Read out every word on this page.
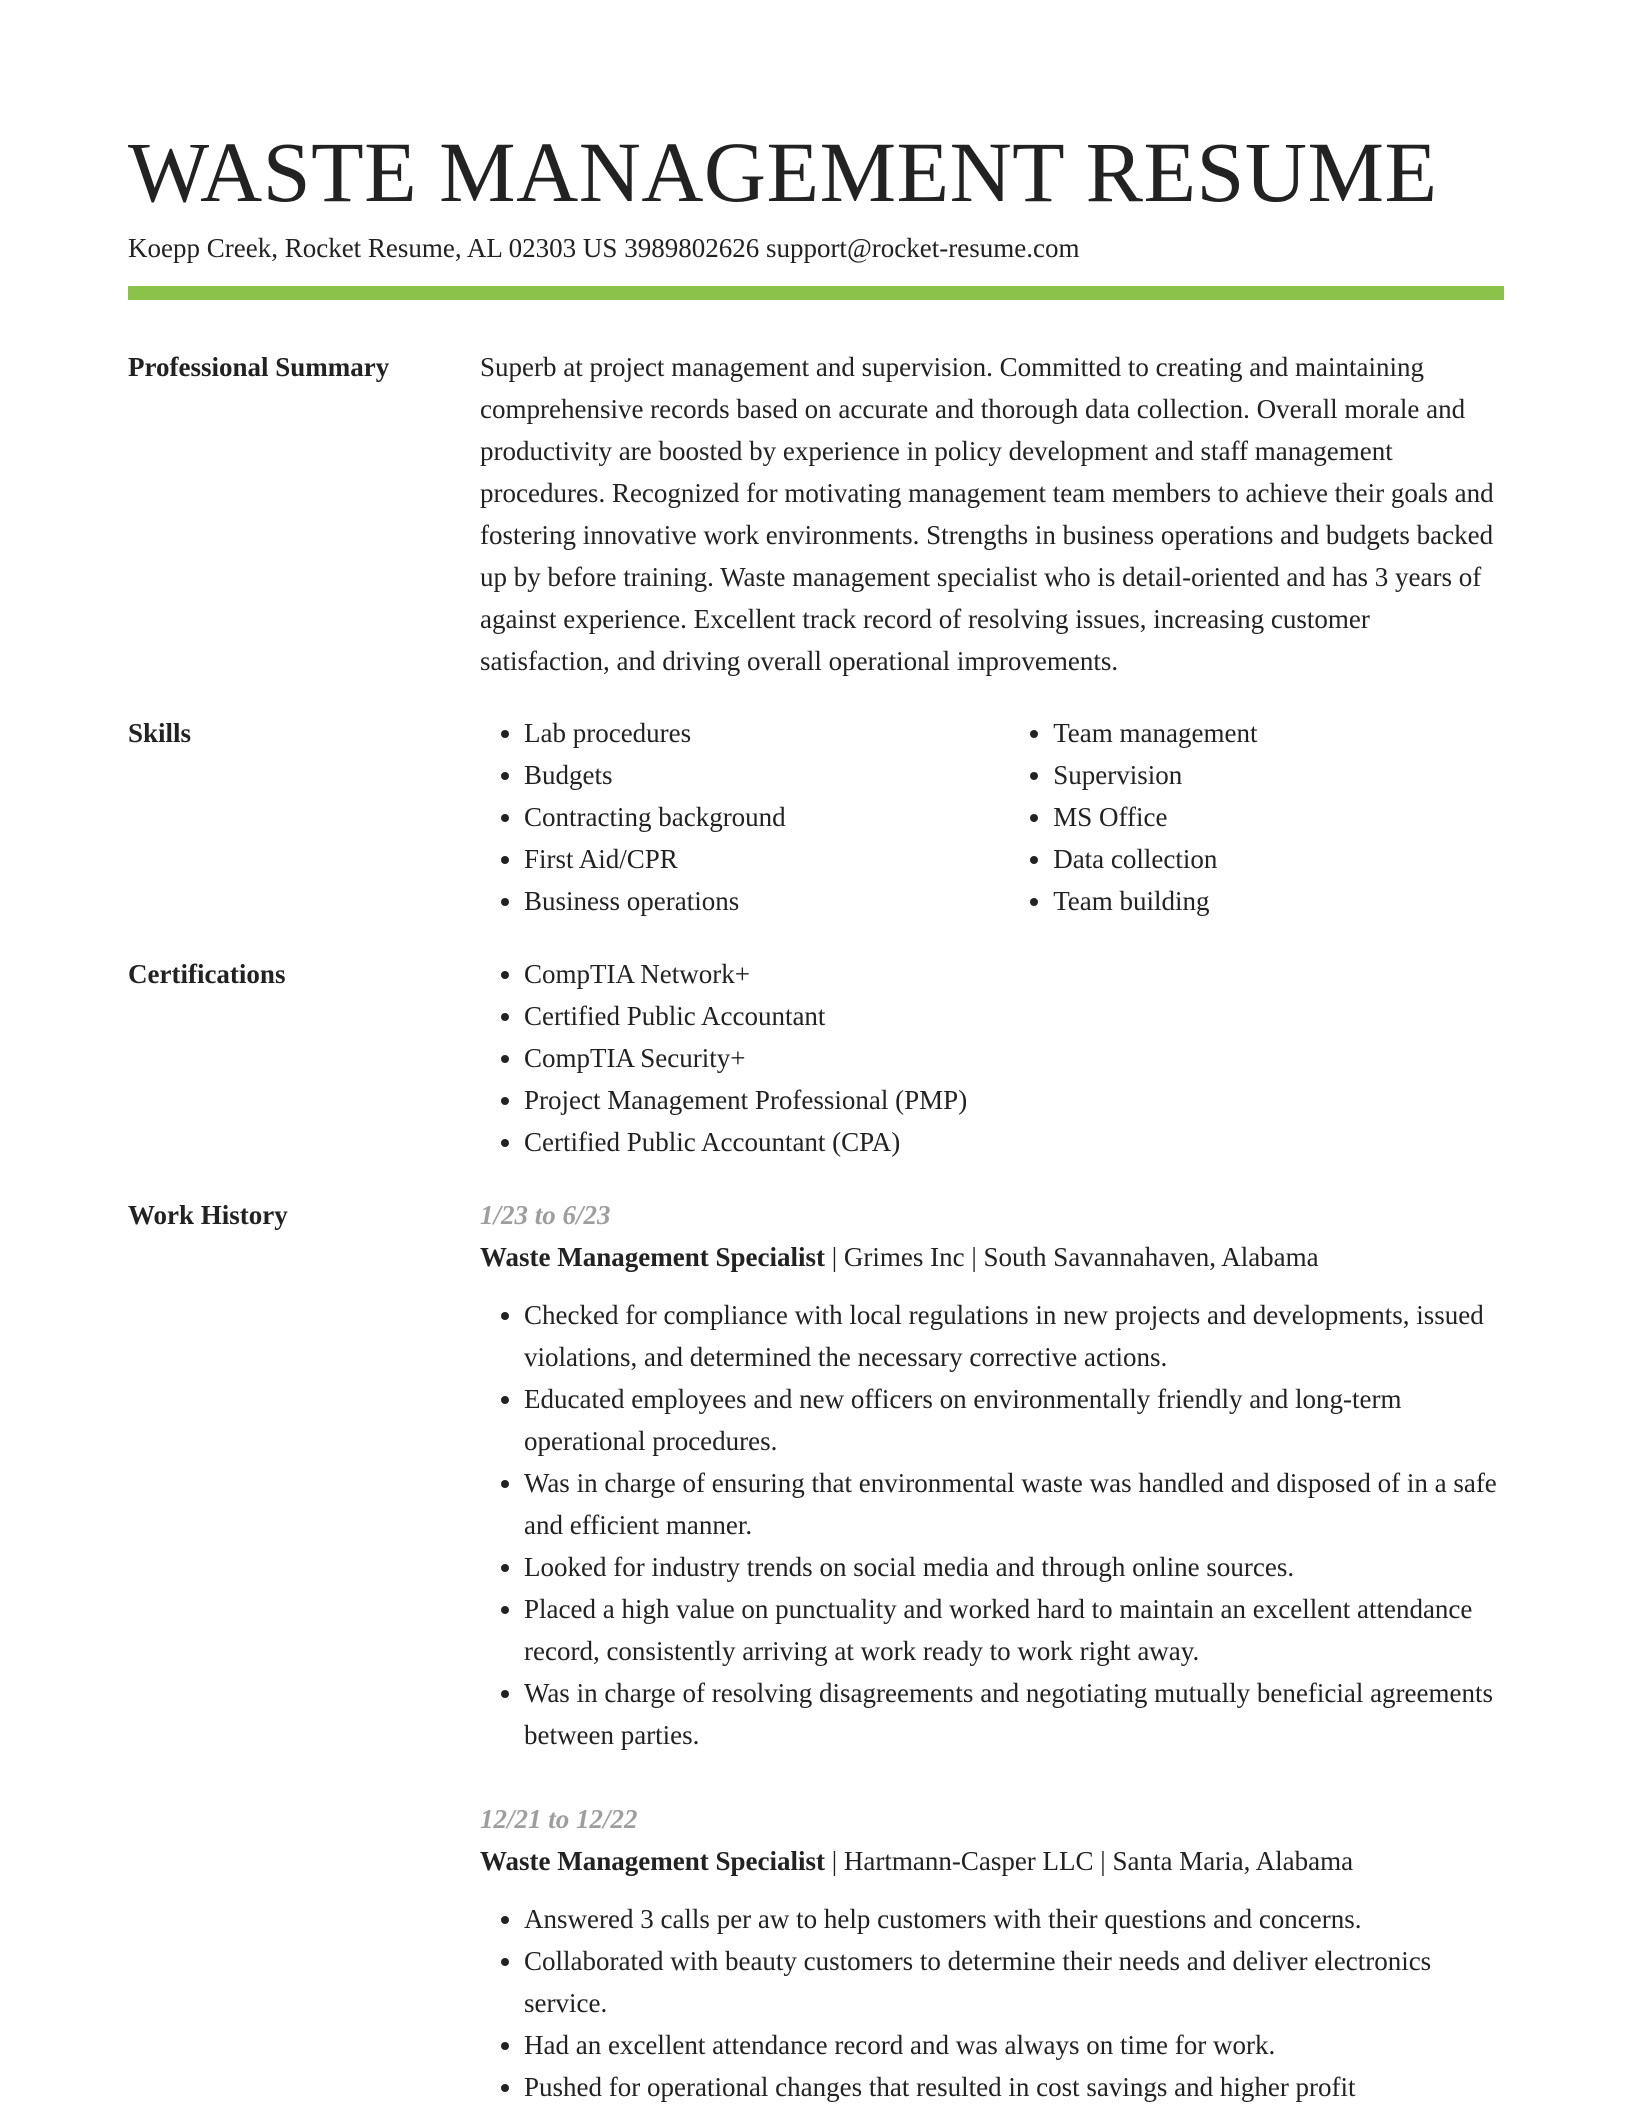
WASTE MANAGEMENT RESUME
Koepp Creek, Rocket Resume, AL 02303 US 3989802626 support@rocket-resume.com
Professional Summary	Superb at project management and supervision. Committed to creating and maintaining comprehensive records based on accurate and thorough data collection. Overall morale and productivity are boosted by experience in policy development and staff management procedures. Recognized for motivating management team members to achieve their goals and fostering innovative work environments. Strengths in business operations and budgets backed up by before training. Waste management specialist who is detail-oriented and has 3 years of against experience. Excellent track record of resolving issues, increasing customer satisfaction, and driving overall operational improvements.

Skills	• Lab procedures
• Budgets
• Contracting background
• First Aid/CPR
• Business operations
• Team management
• Supervision
• MS Office
• Data collection
• Team building
Certifications	• CompTIA Network+
• Certified Public Accountant
• CompTIA Security+
• Project Management Professional (PMP)
• Certified Public Accountant (CPA)
Work History	1/23 to 6/23
Waste Management Specialist | Grimes Inc | South Savannahaven, Alabama
• Checked for compliance with local regulations in new projects and developments, issued violations, and determined the necessary corrective actions.
• Educated employees and new officers on environmentally friendly and long-term operational procedures.
• Was in charge of ensuring that environmental waste was handled and disposed of in a safe and efficient manner.
• Looked for industry trends on social media and through online sources.
• Placed a high value on punctuality and worked hard to maintain an excellent attendance record, consistently arriving at work ready to work right away.
• Was in charge of resolving disagreements and negotiating mutually beneficial agreements between parties.
12/21 to 12/22
Waste Management Specialist | Hartmann-Casper LLC | Santa Maria, Alabama
• Answered 3 calls per aw to help customers with their questions and concerns.
• Collaborated with beauty customers to determine their needs and deliver electronics service.
• Had an excellent attendance record and was always on time for work.
• Pushed for operational changes that resulted in cost savings and higher profit
